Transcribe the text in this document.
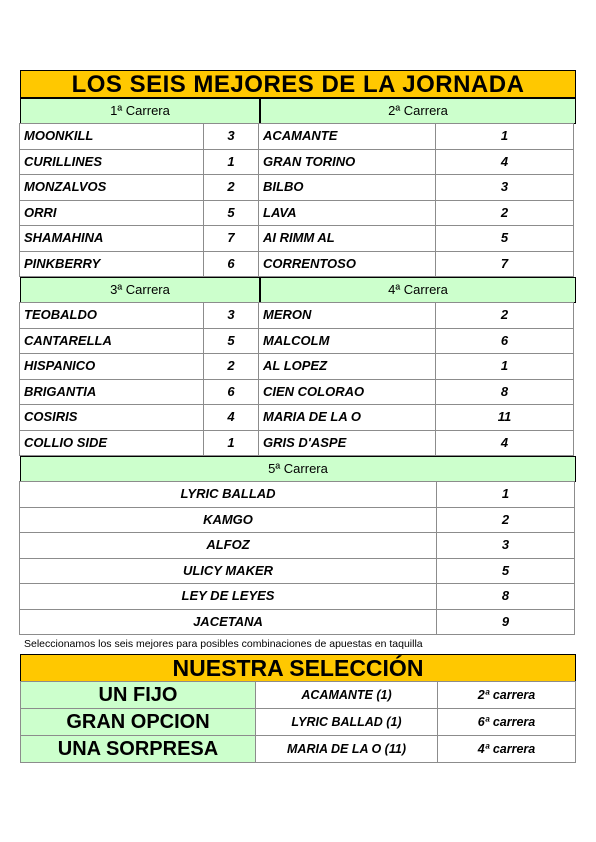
LOS SEIS MEJORES DE LA JORNADA
1ª Carrera	2ª Carrera
MOONKILL	3	ACAMANTE	1
CURILLINES	1	GRAN TORINO	4
MONZALVOS	2	BILBO	3
ORRI	5	LAVA	2
SHAMAHINA	7	AI RIMM AL	5
PINKBERRY	6	CORRENTOSO	7
3ª Carrera	4ª Carrera
TEOBALDO	3	MERON	2
CANTARELLA	5	MALCOLM	6
HISPANICO	2	AL LOPEZ	1
BRIGANTIA	6	CIEN COLORAO	8
COSIRIS	4	MARIA DE LA O	11
COLLIO SIDE	1	GRIS D'ASPE	4
5ª Carrera
LYRIC BALLAD	1
KAMGO	2
ALFOZ	3
ULICY MAKER	5
LEY DE LEYES	8
JACETANA	9
Seleccionamos los seis mejores para posibles combinaciones de apuestas en taquilla
NUESTRA SELECCIÓN
UN FIJO	ACAMANTE (1)	2ª carrera
GRAN OPCION	LYRIC BALLAD (1)	6ª carrera
UNA SORPRESA	MARIA DE LA O (11)	4ª carrera
